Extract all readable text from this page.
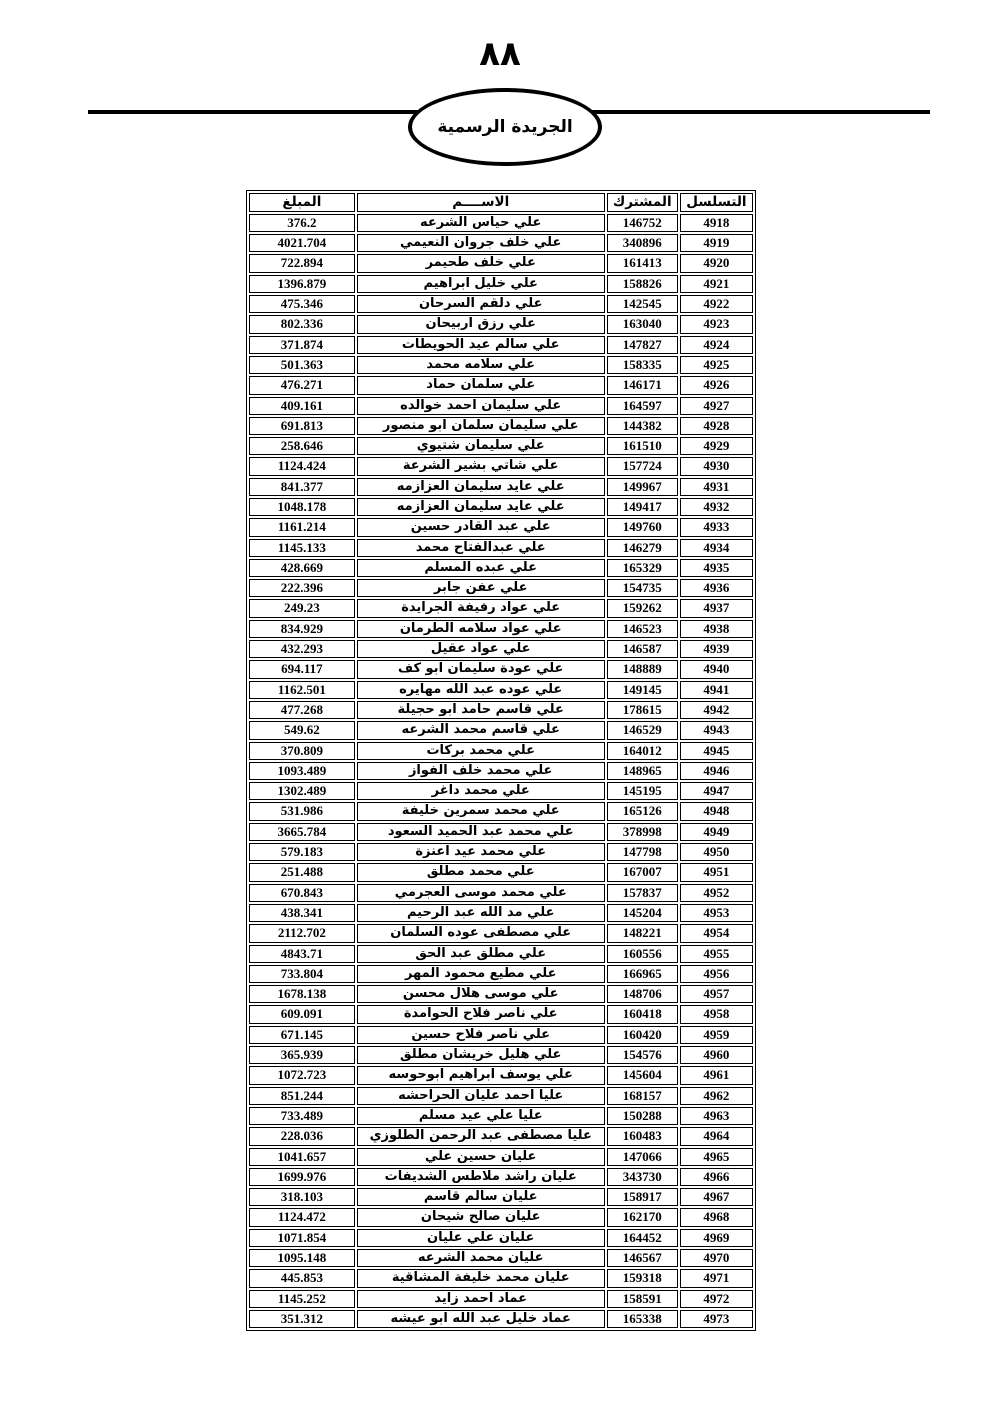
٨٨
الجريدة الرسمية
التسلسل	المشترك	الاســــم	المبلغ
4918	146752	علي حياس الشرعه	376.2
4919	340896	علي خلف جروان النعيمي	4021.704
4920	161413	علي خلف طحيمر	722.894
4921	158826	علي خليل ابراهيم	1396.879
4922	142545	علي دلقم السرحان	475.346
4923	163040	علي رزق اربيحان	802.336
4924	147827	علي سالم عيد الحويطات	371.874
4925	158335	علي سلامه محمد	501.363
4926	146171	علي سلمان حماد	476.271
4927	164597	علي سليمان احمد خوالده	409.161
4928	144382	علي سليمان سلمان ابو منصور	691.813
4929	161510	علي سليمان شتيوي	258.646
4930	157724	علي شاتي بشير الشرعة	1124.424
4931	149967	علي عايد سليمان العزازمه	841.377
4932	149417	علي عايد سليمان العزازمه	1048.178
4933	149760	علي عبد القادر حسين	1161.214
4934	146279	علي عبدالفتاح محمد	1145.133
4935	165329	علي عبده المسلم	428.669
4936	154735	علي عفن جابر	222.396
4937	159262	علي عواد رفيفة الجرايدة	249.23
4938	146523	علي عواد سلامه الطرمان	834.929
4939	146587	علي عواد عقيل	432.293
4940	148889	علي عودة سليمان ابو كف	694.117
4941	149145	علي عوده عبد الله مهايره	1162.501
4942	178615	علي قاسم حامد ابو حجيلة	477.268
4943	146529	علي قاسم محمد الشرعه	549.62
4945	164012	علي محمد بركات	370.809
4946	148965	علي محمد خلف الفواز	1093.489
4947	145195	علي محمد داغر	1302.489
4948	165126	علي محمد سمرين خليفة	531.986
4949	378998	علي محمد عبد الحميد السعود	3665.784
4950	147798	علي محمد عيد اعنزة	579.183
4951	167007	علي محمد مطلق	251.488
4952	157837	علي محمد موسى العجرمي	670.843
4953	145204	علي مد الله عبد الرحيم	438.341
4954	148221	علي مصطفى عوده السلمان	2112.702
4955	160556	علي مطلق عبد الحق	4843.71
4956	166965	علي مطيع محمود المهر	733.804
4957	148706	علي موسى هلال محسن	1678.138
4958	160418	علي ناصر فلاح الحوامدة	609.091
4959	160420	علي ناصر فلاح حسين	671.145
4960	154576	علي هليل خريشان مطلق	365.939
4961	145604	علي يوسف ابراهيم ابوحوسه	1072.723
4962	168157	عليا احمد عليان الحراحشه	851.244
4963	150288	عليا علي عيد مسلم	733.489
4964	160483	عليا مصطفى عبد الرحمن الطلوزي	228.036
4965	147066	عليان حسين علي	1041.657
4966	343730	عليان راشد ملاطس الشديفات	1699.976
4967	158917	عليان سالم قاسم	318.103
4968	162170	عليان صالح شيحان	1124.472
4969	164452	عليان علي عليان	1071.854
4970	146567	عليان محمد الشرعه	1095.148
4971	159318	عليان محمد خليفة المشاقية	445.853
4972	158591	عماد احمد زايد	1145.252
4973	165338	عماد خليل عبد الله ابو عيشه	351.312
